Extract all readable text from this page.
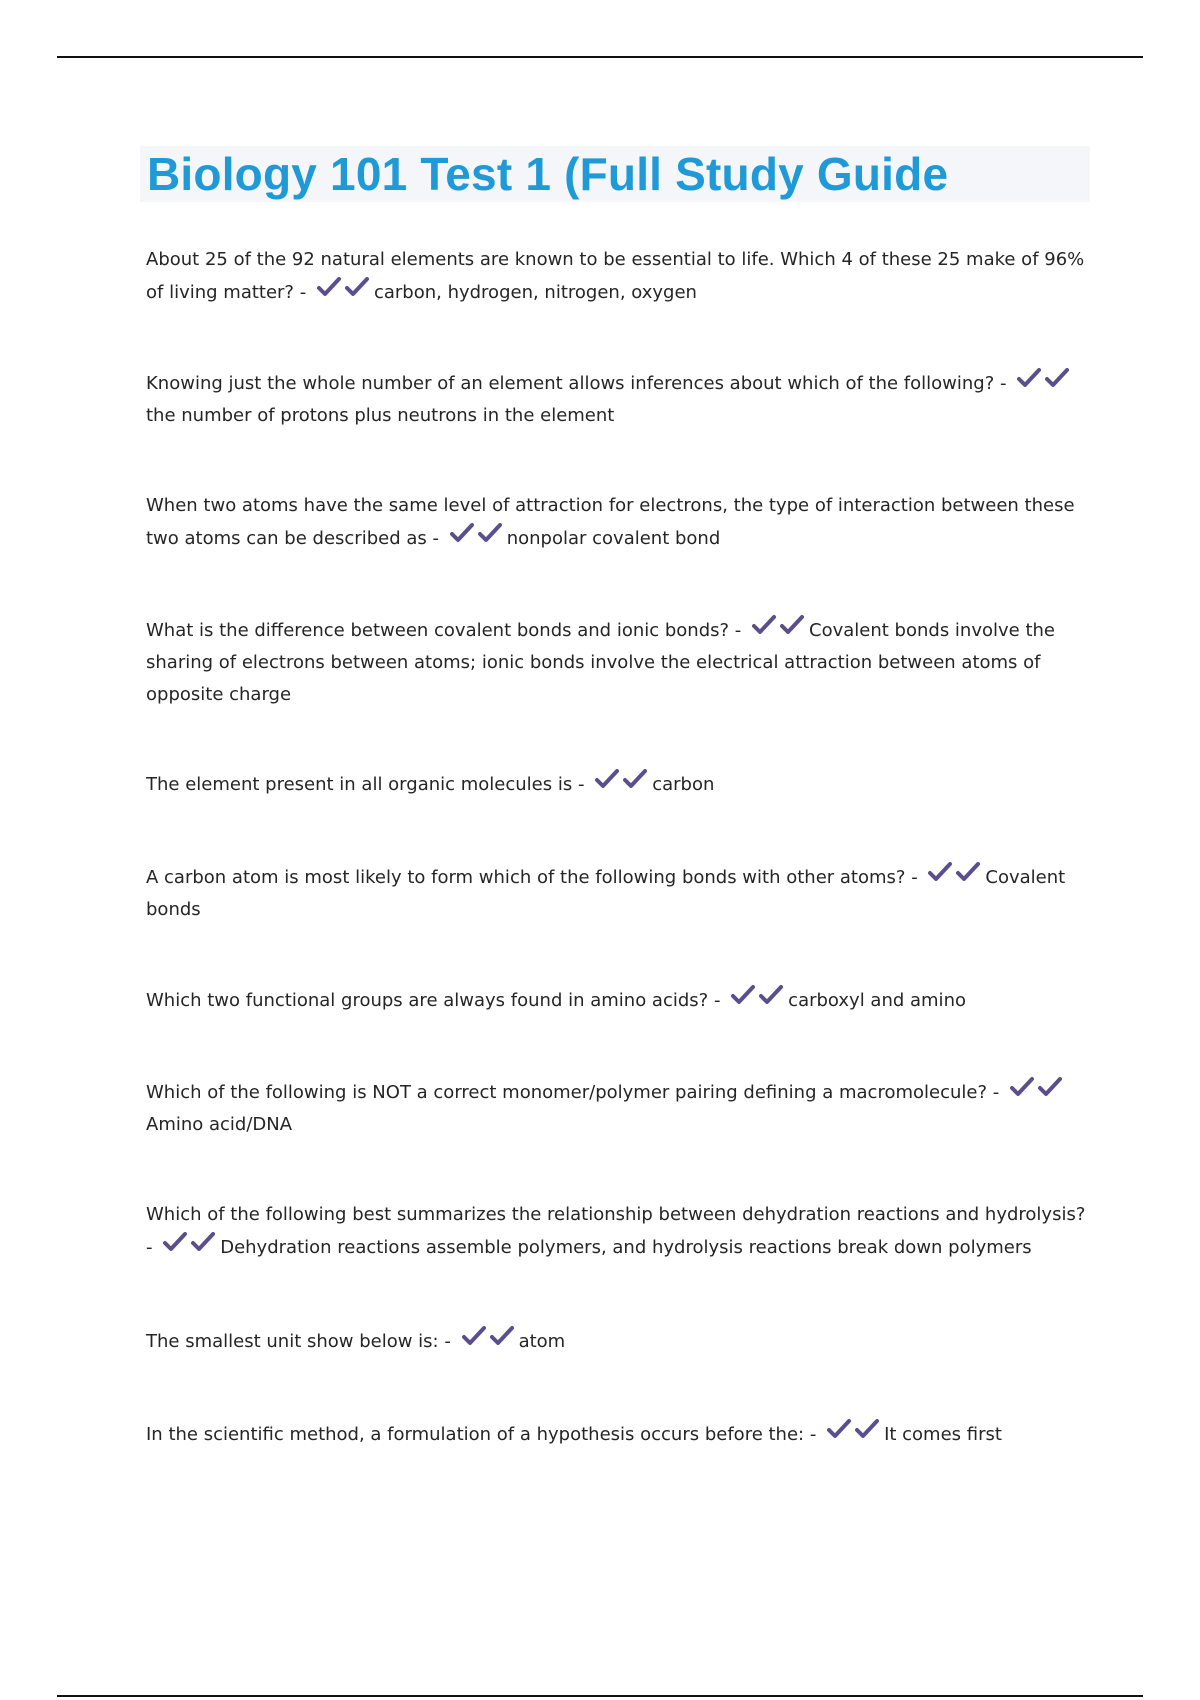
Biology 101 Test 1 (Full Study Guide

About 25 of the 92 natural elements are known to be essential to life. Which 4 of these 25 make of 96% of living matter? -	carbon, hydrogen, nitrogen, oxygen

Knowing just the whole number of an element allows inferences about which of the following? -
the number of protons plus neutrons in the element

When two atoms have the same level of attraction for electrons, the type of interaction between these two atoms can be described as -	nonpolar covalent bond

What is the difference between covalent bonds and ionic bonds? -	Covalent bonds involve the sharing of electrons between atoms; ionic bonds involve the electrical attraction between atoms of opposite charge

The element present in all organic molecules is -	carbon

A carbon atom is most likely to form which of the following bonds with other atoms? -	Covalent bonds

Which two functional groups are always found in amino acids? -	carboxyl and amino

Which of the following is NOT a correct monomer/polymer pairing defining a macromolecule? -
Amino acid/DNA

Which of the following best summarizes the relationship between dehydration reactions and hydrolysis? -	Dehydration reactions assemble polymers, and hydrolysis reactions break down polymers

The smallest unit show below is: -	atom

In the scientific method, a formulation of a hypothesis occurs before the: -	It comes first
